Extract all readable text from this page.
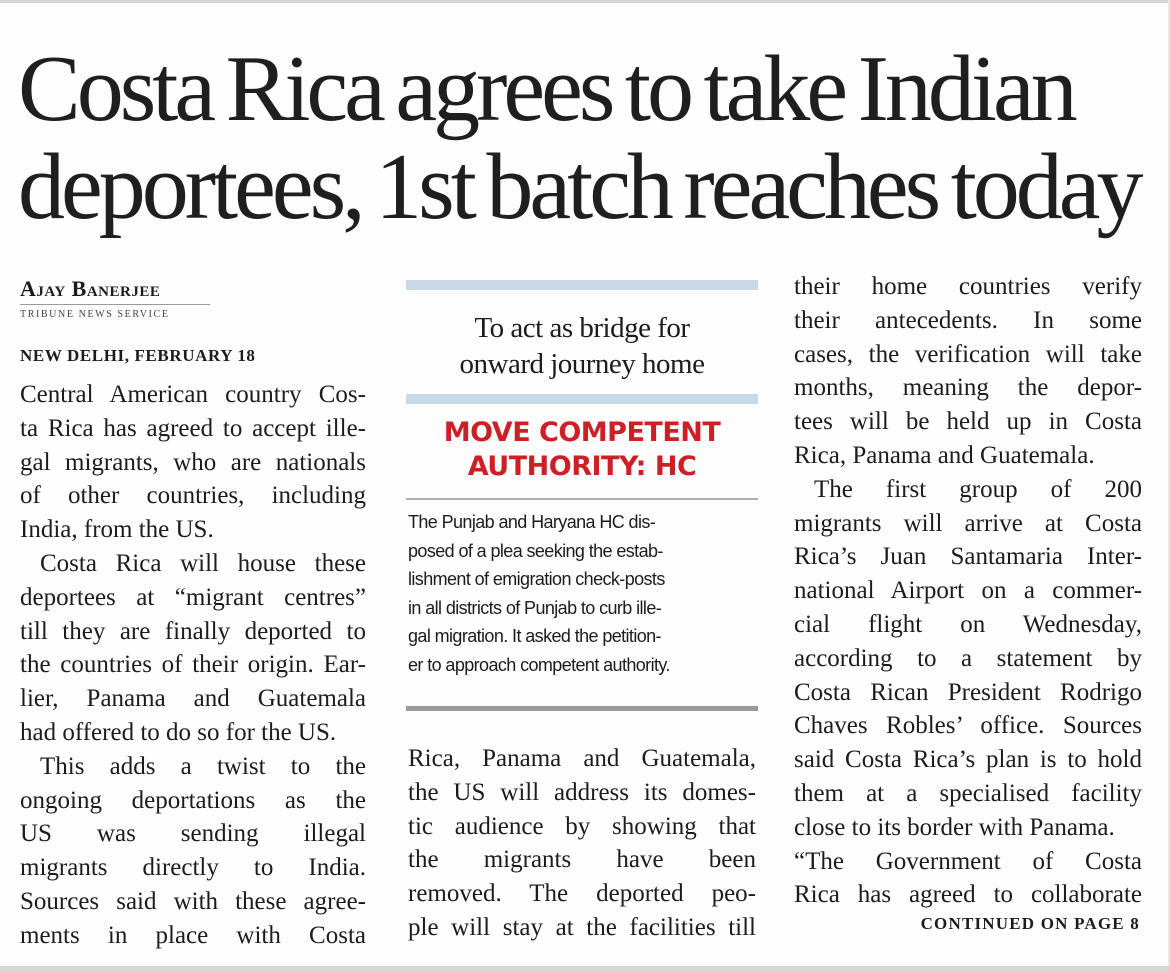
Costa Rica agrees to take Indian
deportees, 1st batch reaches today
Ajay Banerjee
TRIBUNE NEWS SERVICE
NEW DELHI, FEBRUARY 18
Central American country Cos-
ta Rica has agreed to accept ille-
gal migrants, who are nationals
of other countries, including
India, from the US.
Costa Rica will house these
deportees at “migrant centres”
till they are finally deported to
the countries of their origin. Ear-
lier, Panama and Guatemala
had offered to do so for the US.
This adds a twist to the
ongoing deportations as the
US was sending illegal
migrants directly to India.
Sources said with these agree-
ments in place with Costa
To act as bridge for
onward journey home
MOVE COMPETENT
AUTHORITY: HC
The Punjab and Haryana HC dis-
posed of a plea seeking the estab-
lishment of emigration check-posts
in all districts of Punjab to curb ille-
gal migration. It asked the petition-
er to approach competent authority.
Rica, Panama and Guatemala,
the US will address its domes-
tic audience by showing that
the migrants have been
removed. The deported peo-
ple will stay at the facilities till
their home countries verify
their antecedents. In some
cases, the verification will take
months, meaning the depor-
tees will be held up in Costa
Rica, Panama and Guatemala.
The first group of 200
migrants will arrive at Costa
Rica’s Juan Santamaria Inter-
national Airport on a commer-
cial flight on Wednesday,
according to a statement by
Costa Rican President Rodrigo
Chaves Robles’ office. Sources
said Costa Rica’s plan is to hold
them at a specialised facility
close to its border with Panama.
“The Government of Costa
Rica has agreed to collaborate
CONTINUED ON PAGE 8
